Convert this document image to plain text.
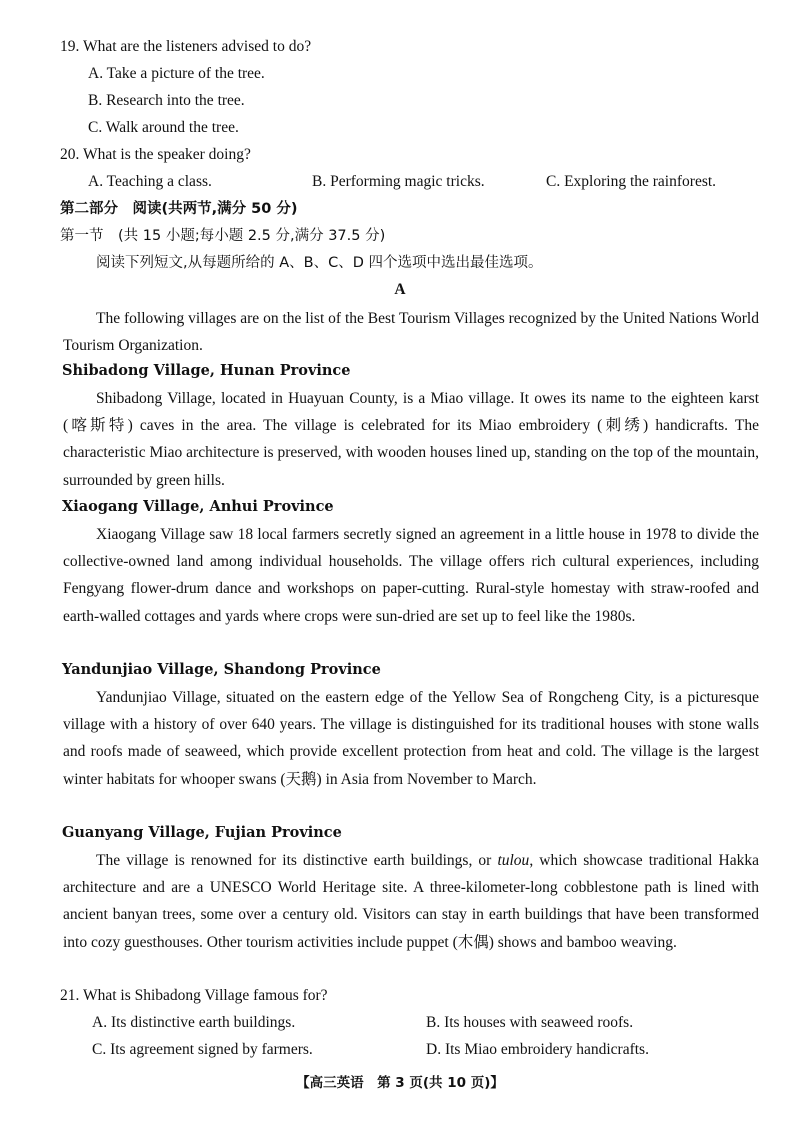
19. What are the listeners advised to do?
A. Take a picture of the tree.
B. Research into the tree.
C. Walk around the tree.
20. What is the speaker doing?
A. Teaching a class.	B. Performing magic tricks.	C. Exploring the rainforest.
第二部分　阅读(共两节,满分 50 分)
第一节　(共 15 小题;每小题 2.5 分,满分 37.5 分)
阅读下列短文,从每题所给的 A、B、C、D 四个选项中选出最佳选项。
A

The following villages are on the list of the Best Tourism Villages recognized by the United Nations World Tourism Organization.

Shibadong Village, Hunan Province

Shibadong Village, located in Huayuan County, is a Miao village. It owes its name to the eighteen karst (喀斯特) caves in the area. The village is celebrated for its Miao embroidery (刺绣) handicrafts. The characteristic Miao architecture is preserved, with wooden houses lined up, standing on the top of the mountain, surrounded by green hills.

Xiaogang Village, Anhui Province

Xiaogang Village saw 18 local farmers secretly signed an agreement in a little house in 1978 to divide the collective-owned land among individual households. The village offers rich cultural experiences, including Fengyang flower-drum dance and workshops on paper-cutting. Rural-style homestay with straw-roofed and earth-walled cottages and yards where crops were sun-dried are set up to feel like the 1980s.

Yandunjiao Village, Shandong Province

Yandunjiao Village, situated on the eastern edge of the Yellow Sea of Rongcheng City, is a picturesque village with a history of over 640 years. The village is distinguished for its traditional houses with stone walls and roofs made of seaweed, which provide excellent protection from heat and cold. The village is the largest winter habitats for whooper swans (天鹅) in Asia from November to March.

Guanyang Village, Fujian Province

The village is renowned for its distinctive earth buildings, or tulou, which showcase traditional Hakka architecture and are a UNESCO World Heritage site. A three-kilometer-long cobblestone path is lined with ancient banyan trees, some over a century old. Visitors can stay in earth buildings that have been transformed into cozy guesthouses. Other tourism activities include puppet (木偶) shows and bamboo weaving.

21. What is Shibadong Village famous for?
A. Its distinctive earth buildings.	B. Its houses with seaweed roofs.
C. Its agreement signed by farmers.	D. Its Miao embroidery handicrafts.
【高三英语　第 3 页(共 10 页)】
